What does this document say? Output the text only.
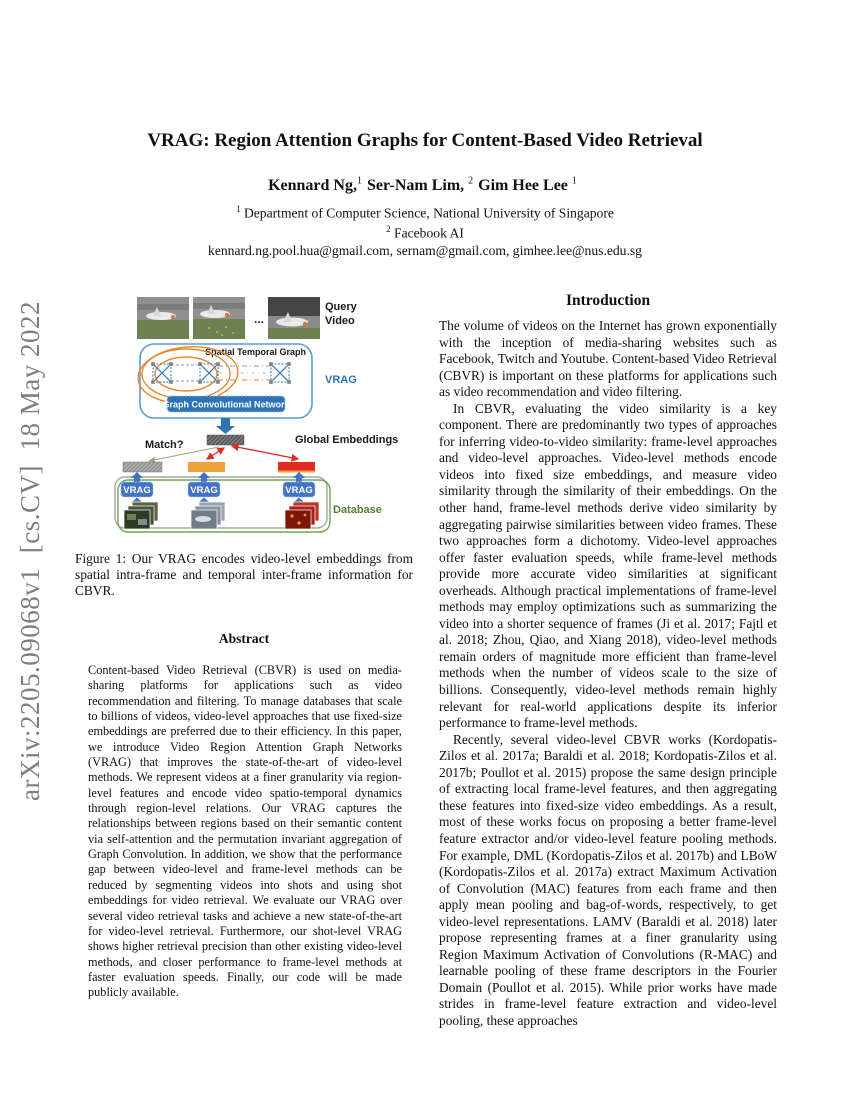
arXiv:2205.09068v1  [cs.CV]  18 May 2022
VRAG: Region Attention Graphs for Content-Based Video Retrieval
Kennard Ng,$^1$ Ser-Nam Lim, $^2$ Gim Hee Lee $^1$
$^1$ Department of Computer Science, National University of Singapore
$^2$ Facebook AI
kennard.ng.pool.hua@gmail.com, sernam@gmail.com, gimhee.lee@nus.edu.sg
...
Query
Video
Spatial Temporal Graph
Graph Convolutional Network
VRAG
Global Embeddings
Match?
VRAG	VRAG	VRAG
Database
Figure 1: Our VRAG encodes video-level embeddings from spatial intra-frame and temporal inter-frame information for CBVR.
Abstract
Content-based Video Retrieval (CBVR) is used on media-sharing platforms for applications such as video recommendation and filtering. To manage databases that scale to billions of videos, video-level approaches that use fixed-size embeddings are preferred due to their efficiency. In this paper, we introduce Video Region Attention Graph Networks (VRAG) that improves the state-of-the-art of video-level methods. We represent videos at a finer granularity via region-level features and encode video spatio-temporal dynamics through region-level relations. Our VRAG captures the relationships between regions based on their semantic content via self-attention and the permutation invariant aggregation of Graph Convolution. In addition, we show that the performance gap between video-level and frame-level methods can be reduced by segmenting videos into shots and using shot embeddings for video retrieval. We evaluate our VRAG over several video retrieval tasks and achieve a new state-of-the-art for video-level retrieval. Furthermore, our shot-level VRAG shows higher retrieval precision than other existing video-level methods, and closer performance to frame-level methods at faster evaluation speeds. Finally, our code will be made publicly available.
Introduction

The volume of videos on the Internet has grown exponentially with the inception of media-sharing websites such as Facebook, Twitch and Youtube. Content-based Video Retrieval (CBVR) is important on these platforms for applications such as video recommendation and video filtering.

In CBVR, evaluating the video similarity is a key component. There are predominantly two types of approaches for inferring video-to-video similarity: frame-level approaches and video-level approaches. Video-level methods encode videos into fixed size embeddings, and measure video similarity through the similarity of their embeddings. On the other hand, frame-level methods derive video similarity by aggregating pairwise similarities between video frames. These two approaches form a dichotomy. Video-level approaches offer faster evaluation speeds, while frame-level methods provide more accurate video similarities at significant overheads. Although practical implementations of frame-level methods may employ optimizations such as summarizing the video into a shorter sequence of frames (Ji et al. 2017; Fajtl et al. 2018; Zhou, Qiao, and Xiang 2018), video-level methods remain orders of magnitude more efficient than frame-level methods when the number of videos scale to the size of billions. Consequently, video-level methods remain highly relevant for real-world applications despite its inferior performance to frame-level methods.

Recently, several video-level CBVR works (Kordopatis-Zilos et al. 2017a; Baraldi et al. 2018; Kordopatis-Zilos et al. 2017b; Poullot et al. 2015) propose the same design principle of extracting local frame-level features, and then aggregating these features into fixed-size video embeddings. As a result, most of these works focus on proposing a better frame-level feature extractor and/or video-level feature pooling methods. For example, DML (Kordopatis-Zilos et al. 2017b) and LBoW (Kordopatis-Zilos et al. 2017a) extract Maximum Activation of Convolution (MAC) features from each frame and then apply mean pooling and bag-of-words, respectively, to get video-level representations. LAMV (Baraldi et al. 2018) later propose representing frames at a finer granularity using Region Maximum Activation of Convolutions (R-MAC) and learnable pooling of these frame descriptors in the Fourier Domain (Poullot et al. 2015). While prior works have made strides in frame-level feature extraction and video-level pooling, these approaches
